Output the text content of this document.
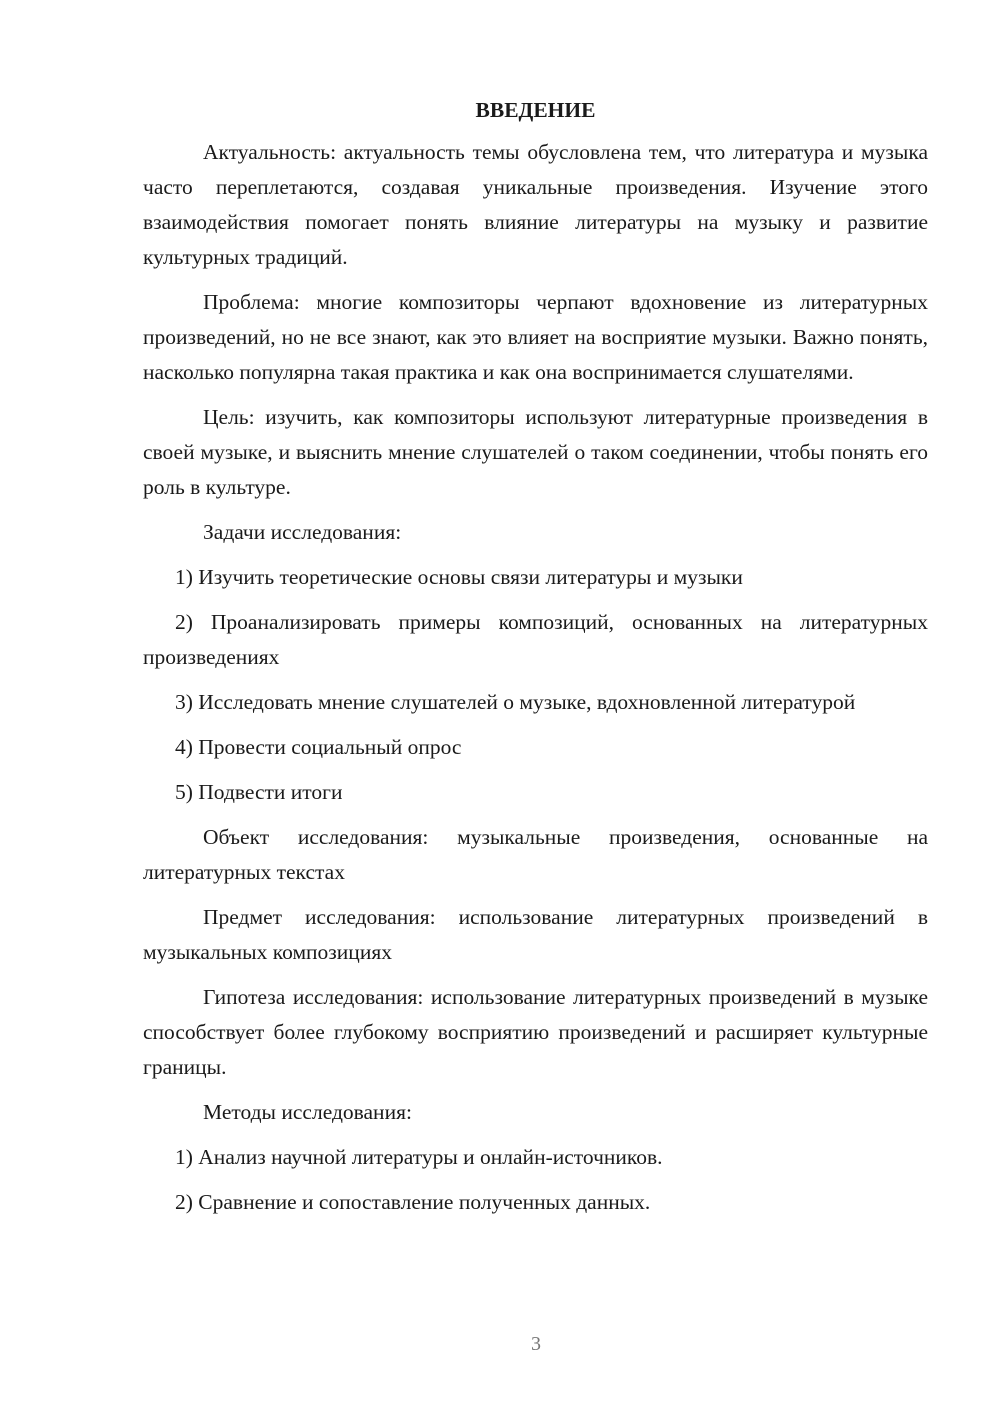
ВВЕДЕНИЕ

Актуальность: актуальность темы обусловлена тем, что литература и музыка часто переплетаются, создавая уникальные произведения. Изучение этого взаимодействия помогает понять влияние литературы на музыку и развитие культурных традиций.

Проблема: многие композиторы черпают вдохновение из литературных произведений, но не все знают, как это влияет на восприятие музыки. Важно понять, насколько популярна такая практика и как она воспринимается слушателями.

Цель: изучить, как композиторы используют литературные произведения в своей музыке, и выяснить мнение слушателей о таком соединении, чтобы понять его роль в культуре.

Задачи исследования:

1) Изучить теоретические основы связи литературы и музыки

2) Проанализировать примеры композиций, основанных на литературных произведениях

3) Исследовать мнение слушателей о музыке, вдохновленной литературой

4) Провести социальный опрос

5) Подвести итоги

Объект исследования: музыкальные произведения, основанные на литературных текстах

Предмет исследования: использование литературных произведений в музыкальных композициях

Гипотеза исследования: использование литературных произведений в музыке способствует более глубокому восприятию произведений и расширяет культурные границы.

Методы исследования:

1) Анализ научной литературы и онлайн-источников.

2) Сравнение и сопоставление полученных данных.

3
